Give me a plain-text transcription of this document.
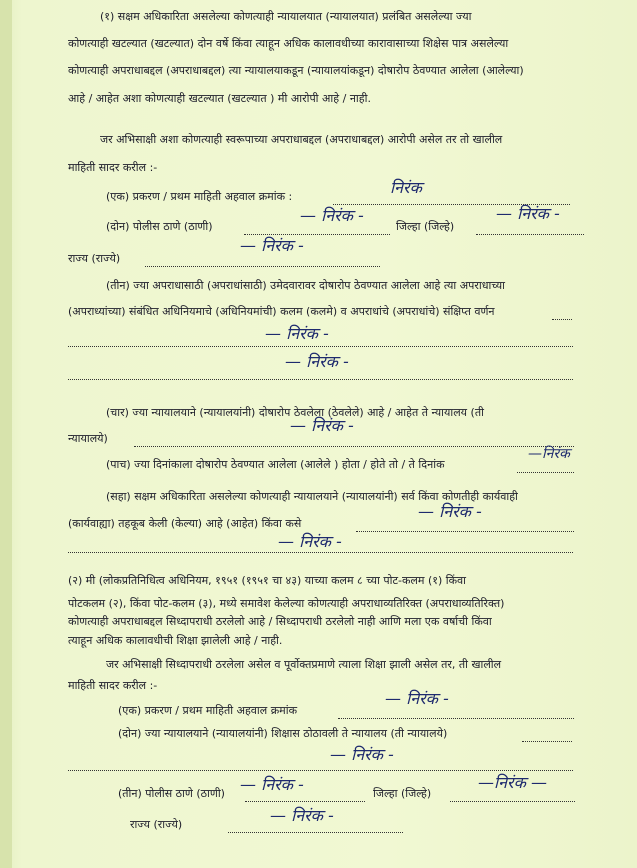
(१) सक्षम अधिकारिता असलेल्या कोणत्याही न्यायालयात (न्यायालयात) प्रलंबित असलेल्या ज्या
कोणत्याही खटल्यात (खटल्यात) दोन वर्षे किंवा त्याहून अधिक कालावधीच्या कारावासाच्या शिक्षेस पात्र असलेल्या
कोणत्याही अपराधाबद्दल (अपराधाबद्दल) त्या न्यायालयाकडून (न्यायालयांकडून) दोषारोप ठेवण्यात आलेला (आलेल्या)
आहे / आहेत अशा कोणत्याही खटल्यात (खटल्यात ) मी आरोपी आहे / नाही.
जर अभिसाक्षी अशा कोणत्याही स्वरूपाच्या अपराधाबद्दल (अपराधाबद्दल) आरोपी असेल तर तो खालील
माहिती सादर करील :-
(एक) प्रकरण / प्रथम माहिती अहवाल क्रमांक :	निरंक
(दोन) पोलीस ठाणे (ठाणी)
— निरंक -
जिल्हा (जिल्हे)
— निरंक -
राज्य (राज्ये)
— निरंक -
(तीन) ज्या अपराधासाठी (अपराधांसाठी) उमेदवारावर दोषारोप ठेवण्यात आलेला आहे त्या अपराधाच्या
(अपराध्यांच्या) संबंधित अधिनियमाचे (अधिनियमांची) कलम (कलमे) व अपराधांचे (अपराधांचे) संक्षिप्त वर्णन
— निरंक -
— निरंक -
(चार) ज्या न्यायालयाने (न्यायालयांनी) दोषारोप ठेवलेला (ठेवलेले) आहे / आहेत ते न्यायालय (ती
न्यायालये)
— निरंक -
(पाच) ज्या दिनांकाला दोषारोप ठेवण्यात आलेला (आलेले ) होता / होते तो / ते दिनांक
—निरंक
(सहा) सक्षम अधिकारिता असलेल्या कोणत्याही न्यायालयाने (न्यायालयांनी) सर्व किंवा कोणतीही कार्यवाही
(कार्यवाह्या) तहकूब केली (केल्या) आहे (आहेत) किंवा कसे
— निरंक -
— निरंक -
(२) मी (लोकप्रतिनिधित्व अधिनियम, १९५१ (१९५१ चा ४३) याच्या कलम ८ च्या पोट-कलम (१) किंवा
पोटकलम (२), किंवा पोट-कलम (३), मध्ये समावेश केलेल्या कोणत्याही अपराधाव्यतिरिक्त (अपराधाव्यतिरिक्त)
कोणत्याही अपराधाबद्दल सिध्दापराधी ठरलेलो आहे / सिध्दापराधी ठरलेलो नाही आणि मला एक वर्षाची किंवा
त्याहून अधिक कालावधीची शिक्षा झालेली आहे / नाही.
जर अभिसाक्षी सिध्दापराधी ठरलेला असेल व पूर्वोक्तप्रमाणे त्याला शिक्षा झाली असेल तर, ती खालील
माहिती सादर करील :-
(एक) प्रकरण / प्रथम माहिती अहवाल क्रमांक
— निरंक -
(दोन) ज्या न्यायालयाने (न्यायालयांनी) शिक्षास ठोठावली ते न्यायालय (ती न्यायालये)
— निरंक -
(तीन) पोलीस ठाणे (ठाणी) — निरंक -	जिल्हा (जिल्हे)
—निरंक —
राज्य (राज्ये)	— निरंक -
